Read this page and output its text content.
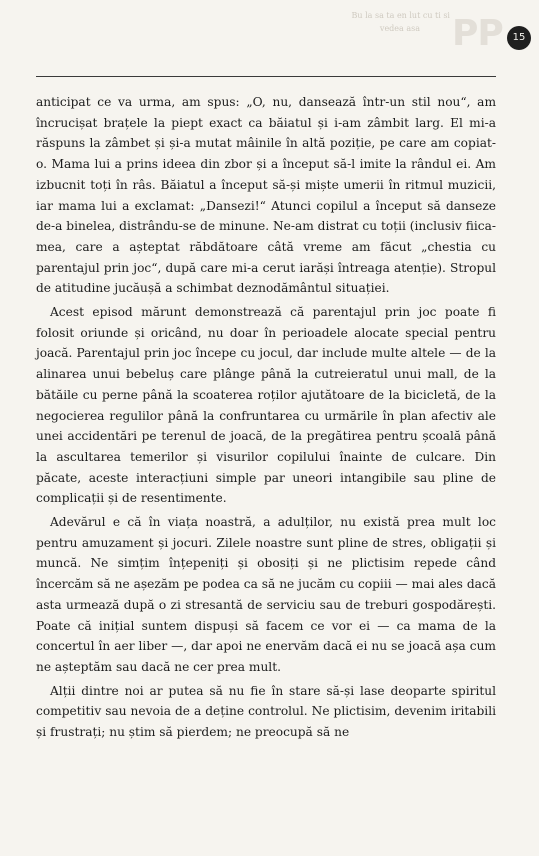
Bu la sa ta en lut cu ti si
vedea asa PP 15

anticipat ce va urma, am spus: „O, nu, dansează într-un stil nou“, am încrucișat brațele la piept exact ca băiatul și i-am zâmbit larg. El mi-a răspuns la zâmbet și și-a mutat mâinile în altă poziție, pe care am copiat-o. Mama lui a prins ideea din zbor și a început să-l imite la rândul ei. Am izbucnit toți în râs. Băiatul a început să-și miște umerii în ritmul muzicii, iar mama lui a exclamat: „Dansezi!“ Atunci copilul a început să danseze de-a binelea, distrându-se de minune. Ne-am distrat cu toții (inclusiv fiica-mea, care a așteptat răbdătoare câtă vreme am făcut „chestia cu parentajul prin joc“, după care mi-a cerut iarăși întreaga atenție). Stropul de atitudine jucăușă a schimbat deznodământul situației.

Acest episod mărunt demonstrează că parentajul prin joc poate fi folosit oriunde și oricând, nu doar în perioadele alocate special pentru joacă. Parentajul prin joc începe cu jocul, dar include multe altele — de la alinarea unui bebeluș care plânge până la cutreieratul unui mall, de la bătăile cu perne până la scoaterea roților ajutătoare de la bicicletă, de la negocierea regulilor până la confruntarea cu urmările în plan afectiv ale unei accidentări pe terenul de joacă, de la pregătirea pentru școală până la ascultarea temerilor și visurilor copilului înainte de culcare. Din păcate, aceste interacțiuni simple par uneori intangibile sau pline de complicații și de resentimente.

Adevărul e că în viața noastră, a adulților, nu există prea mult loc pentru amuzament și jocuri. Zilele noastre sunt pline de stres, obligații și muncă. Ne simțim înțepeniți și obosiți și ne plictisim repede când încercăm să ne așezăm pe podea ca să ne jucăm cu copiii — mai ales dacă asta urmează după o zi stresantă de serviciu sau de treburi gospodărești. Poate că inițial suntem dispuși să facem ce vor ei — ca mama de la concertul în aer liber —, dar apoi ne enervăm dacă ei nu se joacă așa cum ne așteptăm sau dacă ne cer prea mult.

Alții dintre noi ar putea să nu fie în stare să-și lase deoparte spiritul competitiv sau nevoia de a deține controlul. Ne plictisim, devenim iritabili și frustrați; nu știm să pierdem; ne preocupă să ne
